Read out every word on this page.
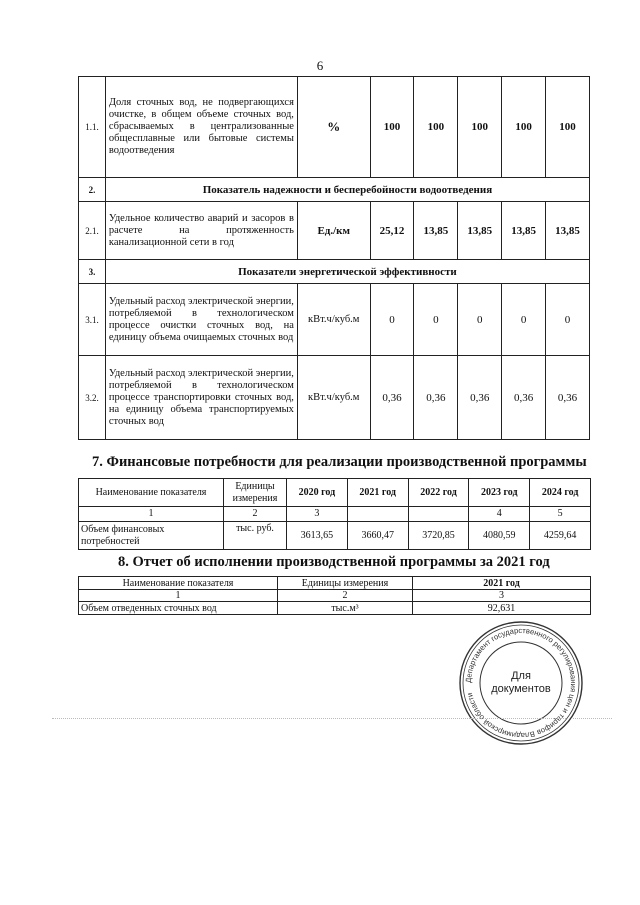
6
1.1.	Доля сточных вод, не подвергающихся очистке, в общем объеме сточных вод, сбрасываемых в централизованные общесплавные или бытовые системы водоотведения	%	100	100	100	100	100
2.	Показатель надежности и бесперебойности водоотведения						
2.1.	Удельное количество аварий и засоров в расчете на протяженность канализационной сети в год	Ед./км	25,12	13,85	13,85	13,85	13,85
3.	Показатели энергетической эффективности						
3.1.	Удельный расход электрической энергии, потребляемой в технологическом процессе очистки сточных вод, на единицу объема очищаемых сточных вод	кВт.ч/куб.м	0	0	0	0	0
3.2.	Удельный расход электрической энергии, потребляемой в технологическом процессе транспортировки сточных вод, на единицу объема транспортируемых сточных вод	кВт.ч/куб.м	0,36	0,36	0,36	0,36	0,36
7. Финансовые потребности для реализации производственной программы
Наименование показателя	Единицы измерения	2020 год	2021 год	2022 год	2023 год	2024 год
1	2	3			4	5
Объем финансовых потребностей	тыс. руб.	3613,65	3660,47	3720,85	4080,59	4259,64
8. Отчет об исполнении производственной программы за 2021 год
Наименование показателя	Единицы измерения	2021 год
1	2	3
Объем отведенных сточных вод	тыс.м³	92,631
Департамент государственного регулирования цен и тарифов Владимирской области
Для
документов
